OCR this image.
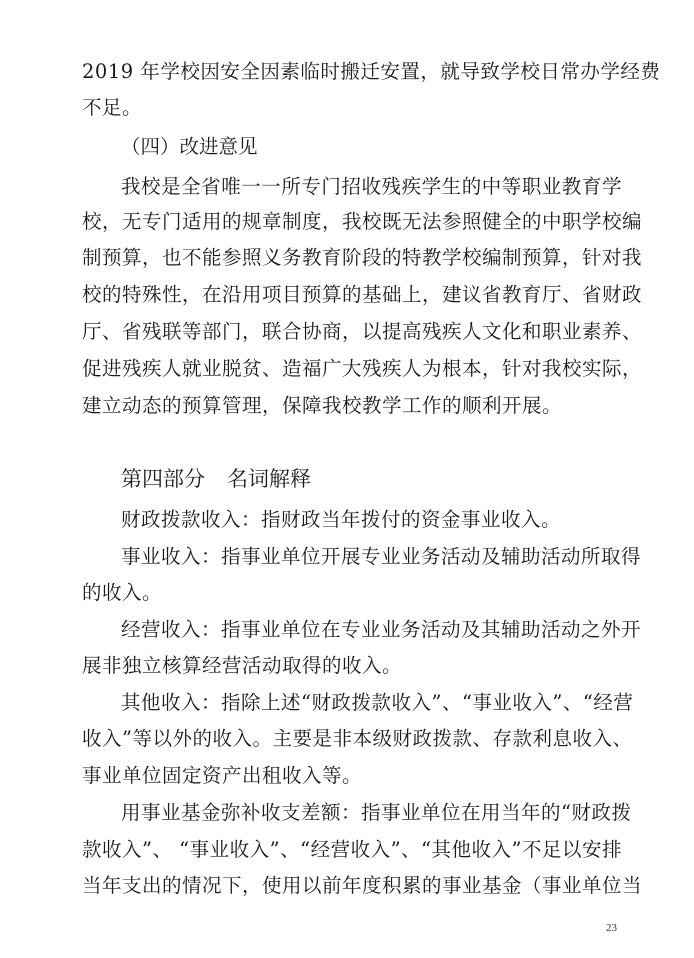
2019 年学校因安全因素临时搬迁安置，就导致学校日常办学经费
不足。
（四）改进意见
我校是全省唯一一所专门招收残疾学生的中等职业教育学
校，无专门适用的规章制度，我校既无法参照健全的中职学校编
制预算，也不能参照义务教育阶段的特教学校编制预算，针对我
校的特殊性，在沿用项目预算的基础上，建议省教育厅、省财政
厅、省残联等部门，联合协商，以提高残疾人文化和职业素养、
促进残疾人就业脱贫、造福广大残疾人为根本，针对我校实际，
建立动态的预算管理，保障我校教学工作的顺利开展。
第四部分 名词解释
财政拨款收入：指财政当年拨付的资金事业收入。
事业收入：指事业单位开展专业业务活动及辅助活动所取得
的收入。
经营收入：指事业单位在专业业务活动及其辅助活动之外开
展非独立核算经营活动取得的收入。
其他收入：指除上述“财政拨款收入”、“事业收入”、“经营
收入”等以外的收入。主要是非本级财政拨款、存款利息收入、
事业单位固定资产出租收入等。
用事业基金弥补收支差额：指事业单位在用当年的“财政拨
款收入”、 “事业收入”、“经营收入”、“其他收入”不足以安排
当年支出的情况下，使用以前年度积累的事业基金（事业单位当
23
